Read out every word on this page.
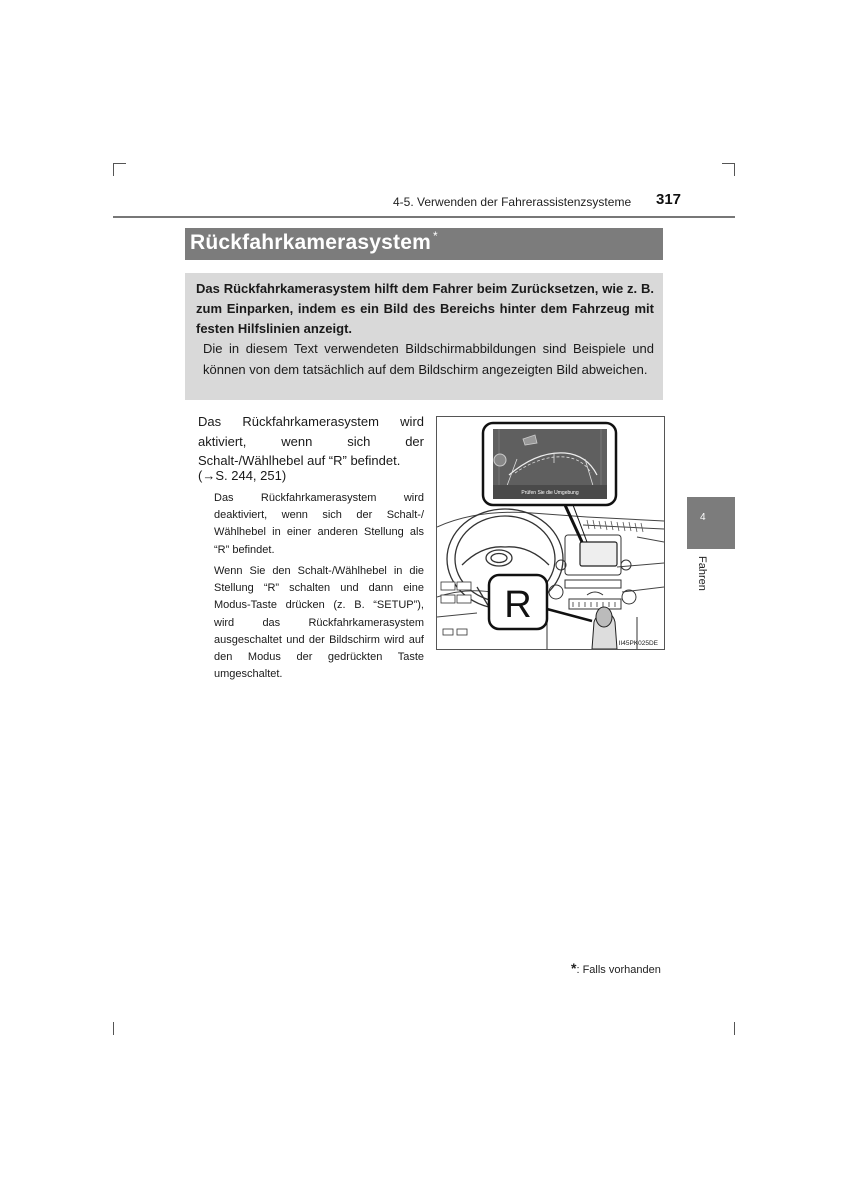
4-5. Verwenden der Fahrerassistenzsysteme 317
Rückfahrkamerasystem *
Das Rückfahrkamerasystem hilft dem Fahrer beim Zurücksetzen, wie z. B. zum Einparken, indem es ein Bild des Bereichs hinter dem Fahrzeug mit festen Hilfslinien anzeigt.
Die in diesem Text verwendeten Bildschirmabbildungen sind Beispiele und können von dem tatsächlich auf dem Bildschirm angezeigten Bild abweichen.
Das Rückfahrkamerasystem wird aktiviert, wenn sich der Schalt-/Wählhebel auf “R” befindet.
(→S. 244, 251)
Das Rückfahrkamerasystem wird deaktiviert, wenn sich der Schalt-/ Wählhebel in einer anderen Stellung als “R” befindet.
Wenn Sie den Schalt-/Wählhebel in die Stellung “R” schalten und dann eine Modus-Taste drücken (z. B. “SETUP”), wird das Rückfahrkamerasystem ausgeschaltet und der Bildschirm wird auf den Modus der gedrückten Taste umgeschaltet.
Prüfen Sie die Umgebung
R
II45PK025DE
4
Fahren
*: Falls vorhanden
